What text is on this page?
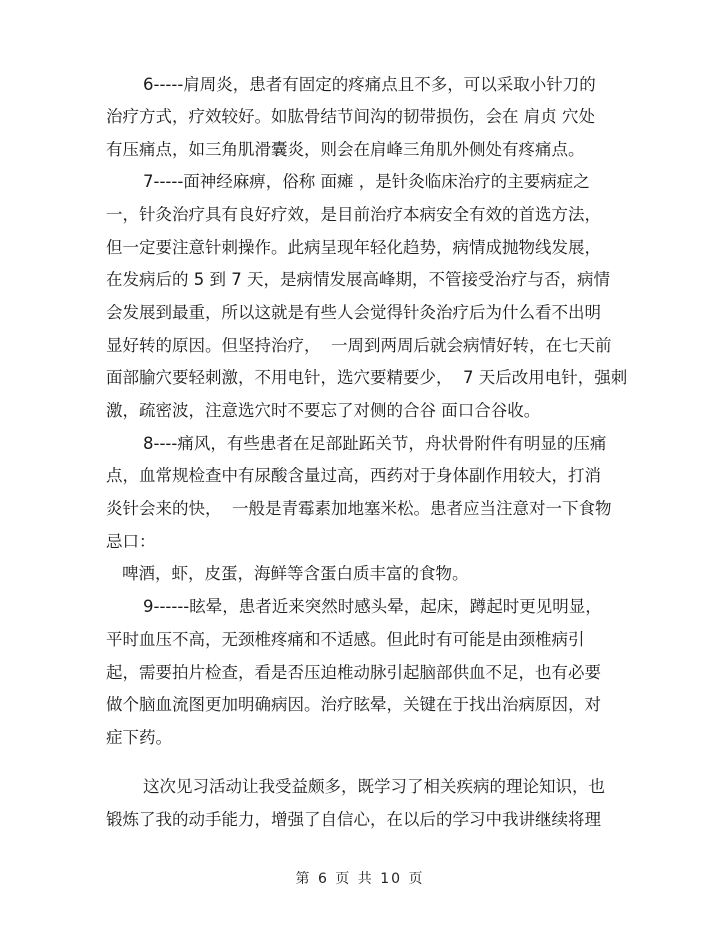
6-----肩周炎，患者有固定的疼痛点且不多，可以采取小针刀的
治疗方式，疗效较好。如肱骨结节间沟的韧带损伤，会在 肩贞 穴处
有压痛点，如三角肌滑囊炎，则会在肩峰三角肌外侧处有疼痛点。
7-----面神经麻痹，俗称 面瘫 ，是针灸临床治疗的主要病症之
一，针灸治疗具有良好疗效，是目前治疗本病安全有效的首选方法，
但一定要注意针刺操作。此病呈现年轻化趋势，病情成抛物线发展，
在发病后的 5 到 7 天，是病情发展高峰期，不管接受治疗与否，病情
会发展到最重，所以这就是有些人会觉得针灸治疗后为什么看不出明
显好转的原因。但坚持治疗，  一周到两周后就会病情好转，在七天前
面部腧穴要轻刺激，不用电针，选穴要精要少，  7 天后改用电针，强刺
激，疏密波，注意选穴时不要忘了对侧的合谷 面口合谷收。
8----痛风，有些患者在足部趾跖关节，舟状骨附件有明显的压痛
点，血常规检查中有尿酸含量过高，西药对于身体副作用较大，打消
炎针会来的快，  一般是青霉素加地塞米松。患者应当注意对一下食物
忌口：
啤酒，虾，皮蛋，海鲜等含蛋白质丰富的食物。
9------眩晕，患者近来突然时感头晕，起床，蹲起时更见明显，
平时血压不高，无颈椎疼痛和不适感。但此时有可能是由颈椎病引
起，需要拍片检查，看是否压迫椎动脉引起脑部供血不足，也有必要
做个脑血流图更加明确病因。治疗眩晕，关键在于找出治病原因，对
症下药。
这次见习活动让我受益颇多，既学习了相关疾病的理论知识，也
锻炼了我的动手能力，增强了自信心，在以后的学习中我讲继续将理
第 6 页 共 10 页
